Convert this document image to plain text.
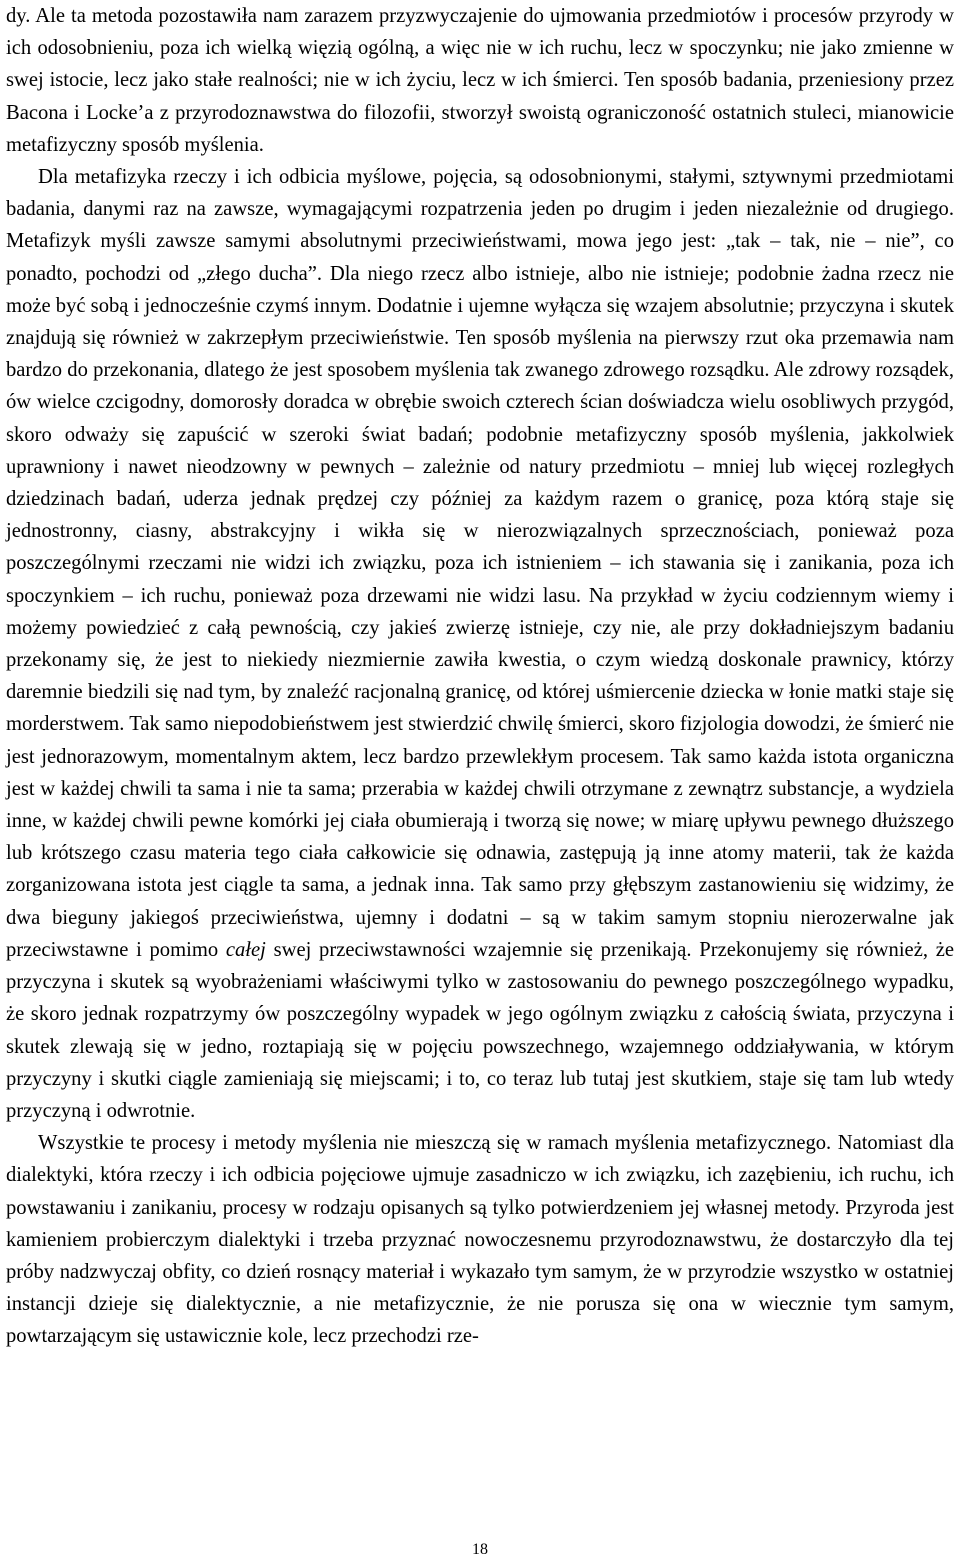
dy. Ale ta metoda pozostawiła nam zarazem przyzwyczajenie do ujmowania przedmiotów i procesów przyrody w ich odosobnieniu, poza ich wielką więzią ogólną, a więc nie w ich ruchu, lecz w spoczynku; nie jako zmienne w swej istocie, lecz jako stałe realności; nie w ich życiu, lecz w ich śmierci. Ten sposób badania, przeniesiony przez Bacona i Locke’a z przyrodoznawstwa do filozofii, stworzył swoistą ograniczoność ostatnich stuleci, mianowicie metafizyczny sposób myślenia.

Dla metafizyka rzeczy i ich odbicia myślowe, pojęcia, są odosobnionymi, stałymi, sztywnymi przedmiotami badania, danymi raz na zawsze, wymagającymi rozpatrzenia jeden po drugim i jeden niezależnie od drugiego. Metafizyk myśli zawsze samymi absolutnymi przeciwieństwami, mowa jego jest: „tak – tak, nie – nie”, co ponadto, pochodzi od „złego ducha”. Dla niego rzecz albo istnieje, albo nie istnieje; podobnie żadna rzecz nie może być sobą i jednocześnie czymś innym. Dodatnie i ujemne wyłącza się wzajem absolutnie; przyczyna i skutek znajdują się również w zakrzepłym przeciwieństwie. Ten sposób myślenia na pierwszy rzut oka przemawia nam bardzo do przekonania, dlatego że jest sposobem myślenia tak zwanego zdrowego rozsądku. Ale zdrowy rozsądek, ów wielce czcigodny, domorosły doradca w obrębie swoich czterech ścian doświadcza wielu osobliwych przygód, skoro odważy się zapuścić w szeroki świat badań; podobnie metafizyczny sposób myślenia, jakkolwiek uprawniony i nawet nieodzowny w pewnych – zależnie od natury przedmiotu – mniej lub więcej rozległych dziedzinach badań, uderza jednak prędzej czy później za każdym razem o granicę, poza którą staje się jednostronny, ciasny, abstrakcyjny i wikła się w nierozwiązalnych sprzecznościach, ponieważ poza poszczególnymi rzeczami nie widzi ich związku, poza ich istnieniem – ich stawania się i zanikania, poza ich spoczynkiem – ich ruchu, ponieważ poza drzewami nie widzi lasu. Na przykład w życiu codziennym wiemy i możemy powiedzieć z całą pewnością, czy jakieś zwierzę istnieje, czy nie, ale przy dokładniejszym badaniu przekonamy się, że jest to niekiedy niezmiernie zawiła kwestia, o czym wiedzą doskonale prawnicy, którzy daremnie biedzili się nad tym, by znaleźć racjonalną granicę, od której uśmiercenie dziecka w łonie matki staje się morderstwem. Tak samo niepodobieństwem jest stwierdzić chwilę śmierci, skoro fizjologia dowodzi, że śmierć nie jest jednorazowym, momentalnym aktem, lecz bardzo przewlekłym procesem. Tak samo każda istota organiczna jest w każdej chwili ta sama i nie ta sama; przerabia w każdej chwili otrzymane z zewnątrz substancje, a wydziela inne, w każdej chwili pewne komórki jej ciała obumierają i tworzą się nowe; w miarę upływu pewnego dłuższego lub krótszego czasu materia tego ciała całkowicie się odnawia, zastępują ją inne atomy materii, tak że każda zorganizowana istota jest ciągle ta sama, a jednak inna. Tak samo przy głębszym zastanowieniu się widzimy, że dwa bieguny jakiegoś przeciwieństwa, ujemny i dodatni – są w takim samym stopniu nierozerwalne jak przeciwstawne i pomimo całej swej przeciwstawności wzajemnie się przenikają. Przekonujemy się również, że przyczyna i skutek są wyobrażeniami właściwymi tylko w zastosowaniu do pewnego poszczególnego wypadku, że skoro jednak rozpatrzymy ów poszczególny wypadek w jego ogólnym związku z całością świata, przyczyna i skutek zlewają się w jedno, roztapiają się w pojęciu powszechnego, wzajemnego oddziaływania, w którym przyczyny i skutki ciągle zamieniają się miejscami; i to, co teraz lub tutaj jest skutkiem, staje się tam lub wtedy przyczyną i odwrotnie.

Wszystkie te procesy i metody myślenia nie mieszczą się w ramach myślenia metafizycznego. Natomiast dla dialektyki, która rzeczy i ich odbicia pojęciowe ujmuje zasadniczo w ich związku, ich zazębieniu, ich ruchu, ich powstawaniu i zanikaniu, procesy w rodzaju opisanych są tylko potwierdzeniem jej własnej metody. Przyroda jest kamieniem probierczym dialektyki i trzeba przyznać nowoczesnemu przyrodoznawstwu, że dostarczyło dla tej próby nadzwyczaj obfity, co dzień rosnący materiał i wykazało tym samym, że w przyrodzie wszystko w ostatniej instancji dzieje się dialektycznie, a nie metafizycznie, że nie porusza się ona w wiecznie tym samym, powtarzającym się ustawicznie kole, lecz przechodzi rze-

18
